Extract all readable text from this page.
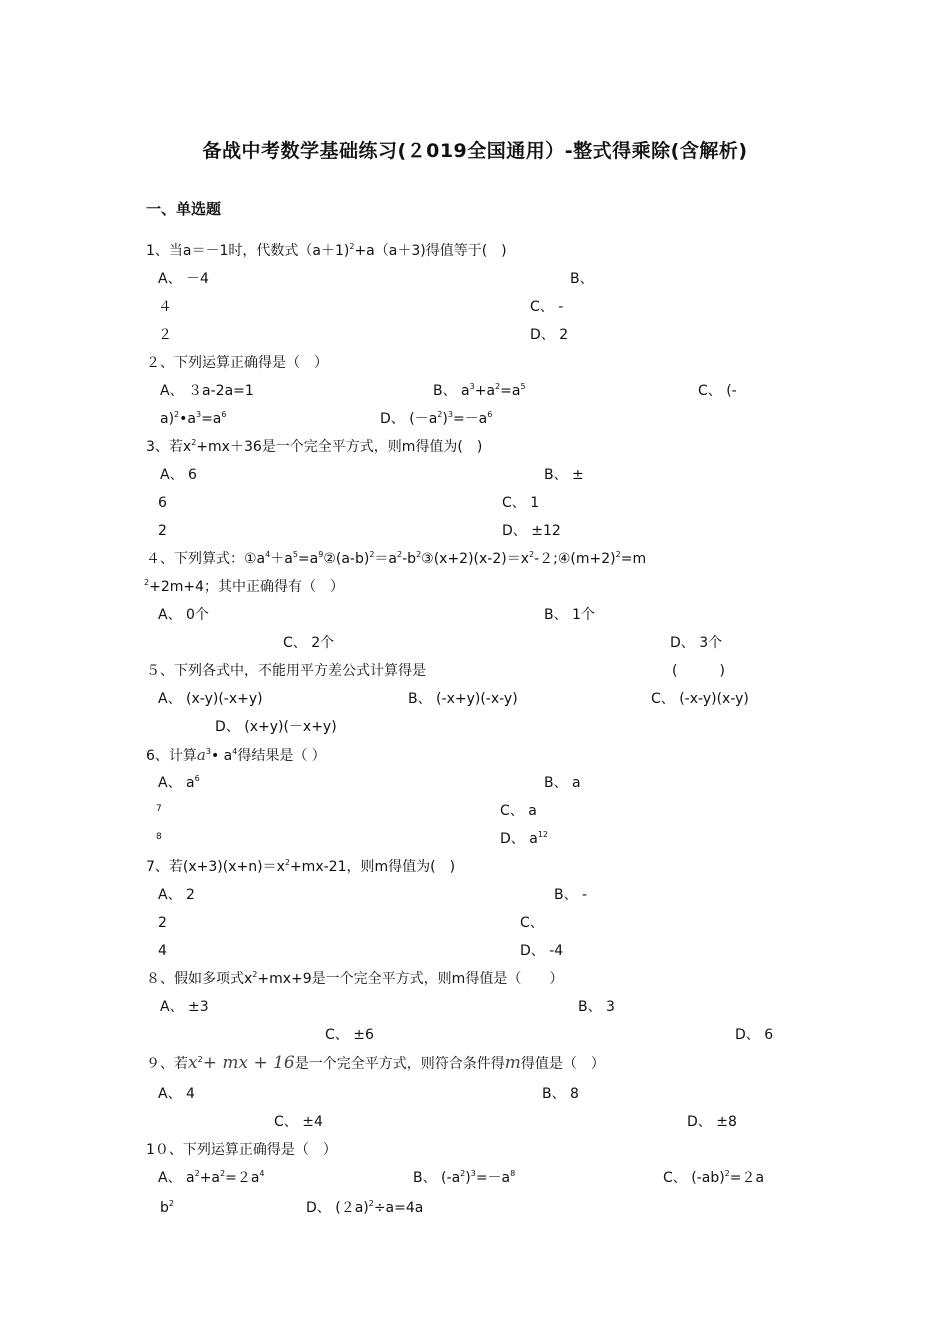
备战中考数学基础练习(２019全国通用）-整式得乘除(含解析)
一、单选题
1、当a＝－1时，代数式（a＋1)$^2$+a（a＋3)得值等于(　)
A、 －4	B、
４	C、 -
２	D、 2
２、下列运算正确得是（　）
A、 ３a-2a=1	B、 $a^3+a^2=a^5$	C、 (-
$a)^2•a^3=a^6$	D、 $(-a^2)^3=-a^6$
3、若$x^2+mx+36$是一个完全平方式，则m得值为(　)
A、 6	B、 ±
6	C、 1
2	D、 ±12
４、下列算式：$①a^4+a^5=a^9②(a-b)^2=a^2-b^2③(x+2)(x-2)=x^2-2;④(m+2)^2=m$
$^2$+2m+4；其中正确得有（　）
A、 0个	B、 1个
C、 2个	D、 3个
５、下列各式中，不能用平方差公式计算得是	(　　　)
A、 (x-y)(-x+y)	B、 (-x+y)(-x-y)	C、 (-x-y)(x-y)
D、 (x+y)(－x+y)
6、计算$a^3•$ $a^4$得结果是（ ）
A、 $a^6$	B、 a
7	C、 a
8	D、 $a^{12}$
7、若$(x+3)(x+n)=x^2+mx-21$，则m得值为(　)
A、 2	B、 -
2	C、
4	D、 -4
８、假如多项式$x^2+mx+9$是一个完全平方式，则m得值是（　　）
A、 ±3	B、 3
C、 ±6	D、 6
９、若$x^2+$ mx + 16是一个完全平方式，则符合条件得m得值是（　）
A、 4	B、 8
C、 ±4	D、 ±8
1０、下列运算正确得是（　）
A、 $a^2+a^2=2a^4$	B、 $(-a^2)^3=-a^8$	C、 $(-ab)^2=2a$
$b^2$	D、 $(2a)^2\div a=4a$
